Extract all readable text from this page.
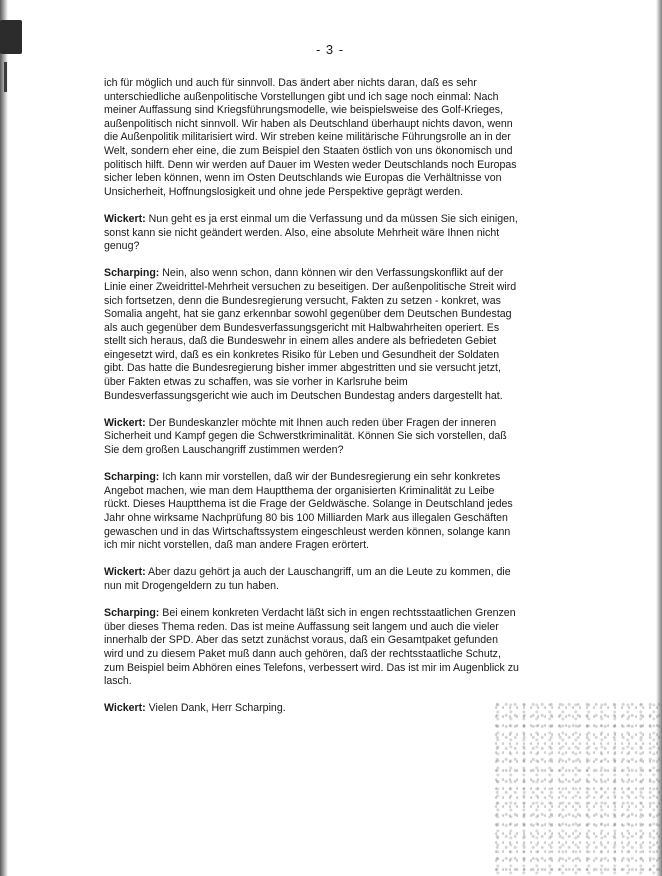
- 3 -

ich für möglich und auch für sinnvoll. Das ändert aber nichts daran, daß es sehr unterschiedliche außenpolitische Vorstellungen gibt und ich sage noch einmal: Nach meiner Auffassung sind Kriegsführungsmodelle, wie beispielsweise des Golf-Krieges, außenpolitisch nicht sinnvoll. Wir haben als Deutschland überhaupt nichts davon, wenn die Außenpolitik militarisiert wird. Wir streben keine militärische Führungsrolle an in der Welt, sondern eher eine, die zum Beispiel den Staaten östlich von uns ökonomisch und politisch hilft. Denn wir werden auf Dauer im Westen weder Deutschlands noch Europas sicher leben können, wenn im Osten Deutschlands wie Europas die Verhältnisse von Unsicherheit, Hoffnungslosigkeit und ohne jede Perspektive geprägt werden.

Wickert: Nun geht es ja erst einmal um die Verfassung und da müssen Sie sich einigen, sonst kann sie nicht geändert werden. Also, eine absolute Mehrheit wäre Ihnen nicht genug?

Scharping: Nein, also wenn schon, dann können wir den Verfassungskonflikt auf der Linie einer Zweidrittel-Mehrheit versuchen zu beseitigen. Der außenpolitische Streit wird sich fortsetzen, denn die Bundesregierung versucht, Fakten zu setzen - konkret, was Somalia angeht, hat sie ganz erkennbar sowohl gegenüber dem Deutschen Bundestag als auch gegenüber dem Bundesverfassungsgericht mit Halbwahrheiten operiert. Es stellt sich heraus, daß die Bundeswehr in einem alles andere als befriedeten Gebiet eingesetzt wird, daß es ein konkretes Risiko für Leben und Gesundheit der Soldaten gibt. Das hatte die Bundesregierung bisher immer abgestritten und sie versucht jetzt, über Fakten etwas zu schaffen, was sie vorher in Karlsruhe beim Bundesverfassungsgericht wie auch im Deutschen Bundestag anders dargestellt hat.

Wickert: Der Bundeskanzler möchte mit Ihnen auch reden über Fragen der inneren Sicherheit und Kampf gegen die Schwerstkriminalität. Können Sie sich vorstellen, daß Sie dem großen Lauschangriff zustimmen werden?

Scharping: Ich kann mir vorstellen, daß wir der Bundesregierung ein sehr konkretes Angebot machen, wie man dem Hauptthema der organisierten Kriminalität zu Leibe rückt. Dieses Hauptthema ist die Frage der Geldwäsche. Solange in Deutschland jedes Jahr ohne wirksame Nachprüfung 80 bis 100 Milliarden Mark aus illegalen Geschäften gewaschen und in das Wirtschaftssystem eingeschleust werden können, solange kann ich mir nicht vorstellen, daß man andere Fragen erörtert.

Wickert: Aber dazu gehört ja auch der Lauschangriff, um an die Leute zu kommen, die nun mit Drogengeldern zu tun haben.

Scharping: Bei einem konkreten Verdacht läßt sich in engen rechtsstaatlichen Grenzen über dieses Thema reden. Das ist meine Auffassung seit langem und auch die vieler innerhalb der SPD. Aber das setzt zunächst voraus, daß ein Gesamtpaket gefunden wird und zu diesem Paket muß dann auch gehören, daß der rechtsstaatliche Schutz, zum Beispiel beim Abhören eines Telefons, verbessert wird. Das ist mir im Augenblick zu lasch.

Wickert: Vielen Dank, Herr Scharping.
